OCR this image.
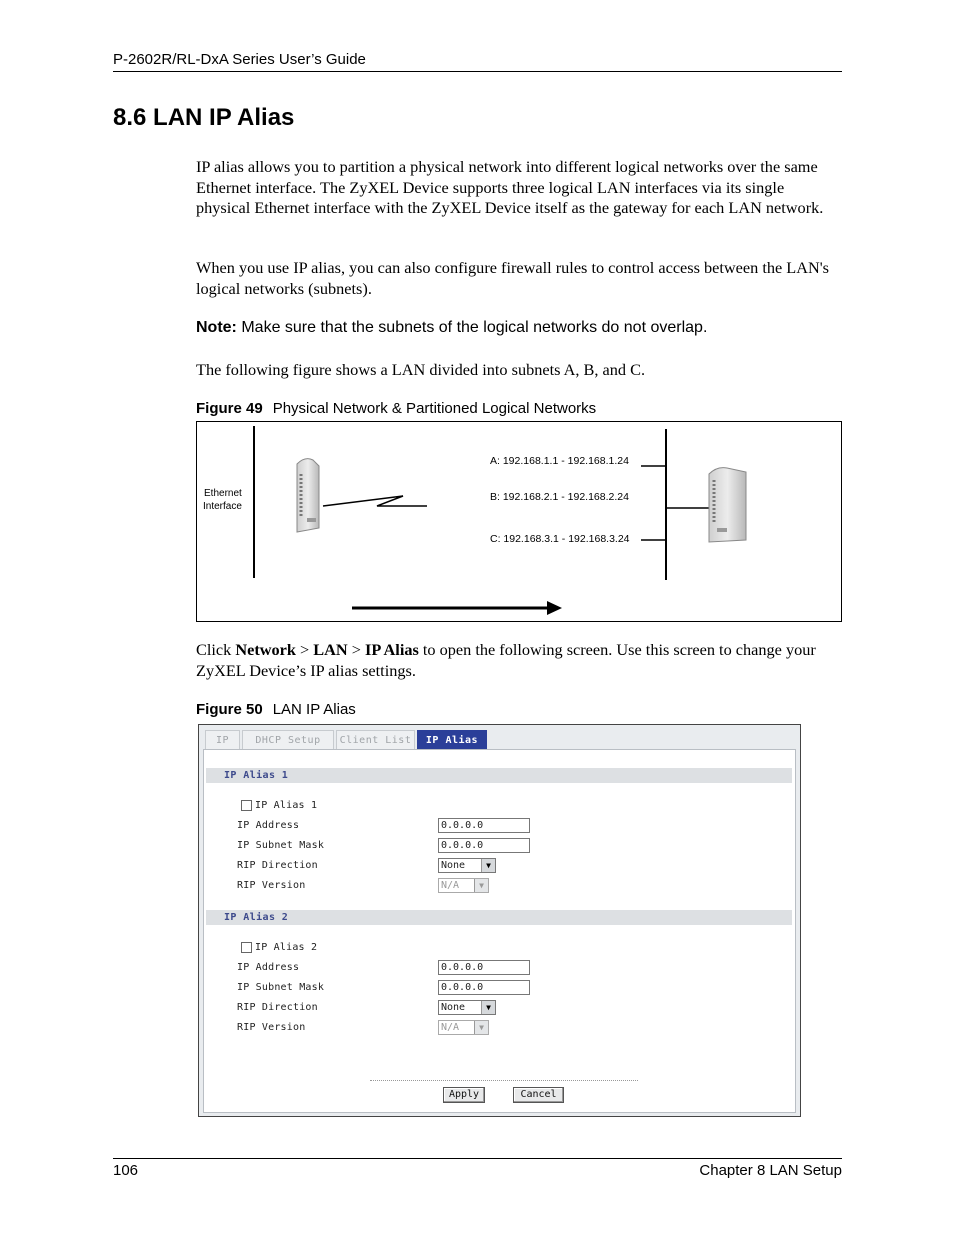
P-2602R/RL-DxA Series User’s Guide
8.6 LAN IP Alias
IP alias allows you to partition a physical network into different logical networks over the same Ethernet interface. The ZyXEL Device supports three logical LAN interfaces via its single physical Ethernet interface with the ZyXEL Device itself as the gateway for each LAN network.
When you use IP alias, you can also configure firewall rules to control access between the LAN's logical networks (subnets).
Note: Make sure that the subnets of the logical networks do not overlap.
The following figure shows a LAN divided into subnets A, B, and C.
Figure 49 Physical Network & Partitioned Logical Networks
Ethernet
Interface
A: 192.168.1.1 - 192.168.1.24
B: 192.168.2.1 - 192.168.2.24
C: 192.168.3.1 - 192.168.3.24
Click Network > LAN > IP Alias to open the following screen. Use this screen to change your ZyXEL Device’s IP alias settings.
Figure 50 LAN IP Alias
IP	DHCP Setup	Client List	IP Alias
IP Alias 1
IP Alias 1
IP Address	0.0.0.0
IP Subnet Mask	0.0.0.0
RIP Direction	None	▼
RIP Version	N/A	▼
IP Alias 2
IP Alias 2
IP Address	0.0.0.0
IP Subnet Mask	0.0.0.0
RIP Direction	None	▼
RIP Version	N/A	▼
Apply	Cancel
106	Chapter 8 LAN Setup
